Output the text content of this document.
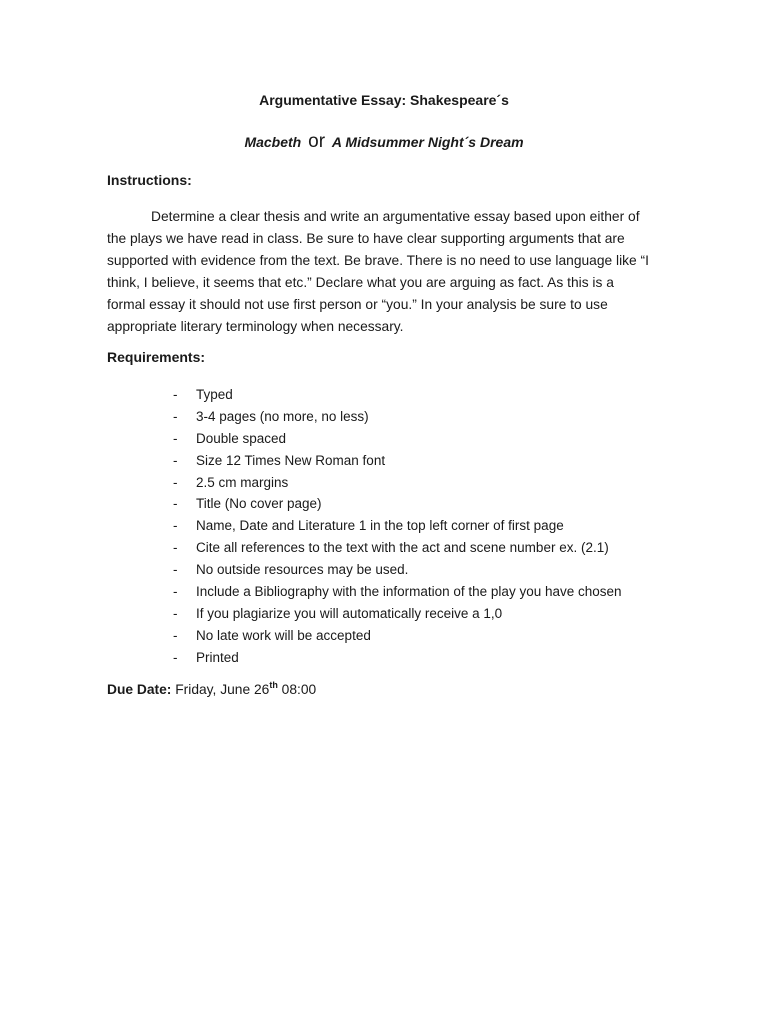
Argumentative Essay: Shakespeare´s
Macbeth or A Midsummer Night´s Dream
Instructions:
Determine a clear thesis and write an argumentative essay based upon either of
the plays we have read in class. Be sure to have clear supporting arguments that are
supported with evidence from the text. Be brave. There is no need to use language like “I
think, I believe, it seems that etc.” Declare what you are arguing as fact. As this is a
formal essay it should not use first person or “you.” In your analysis be sure to use
appropriate literary terminology when necessary.
Requirements:
- Typed
- 3-4 pages (no more, no less)
- Double spaced
- Size 12 Times New Roman font
- 2.5 cm margins
- Title (No cover page)
- Name, Date and Literature 1 in the top left corner of first page
- Cite all references to the text with the act and scene number ex. (2.1)
- No outside resources may be used.
- Include a Bibliography with the information of the play you have chosen
- If you plagiarize you will automatically receive a 1,0
- No late work will be accepted
- Printed
Due Date: Friday, June 26th 08:00
